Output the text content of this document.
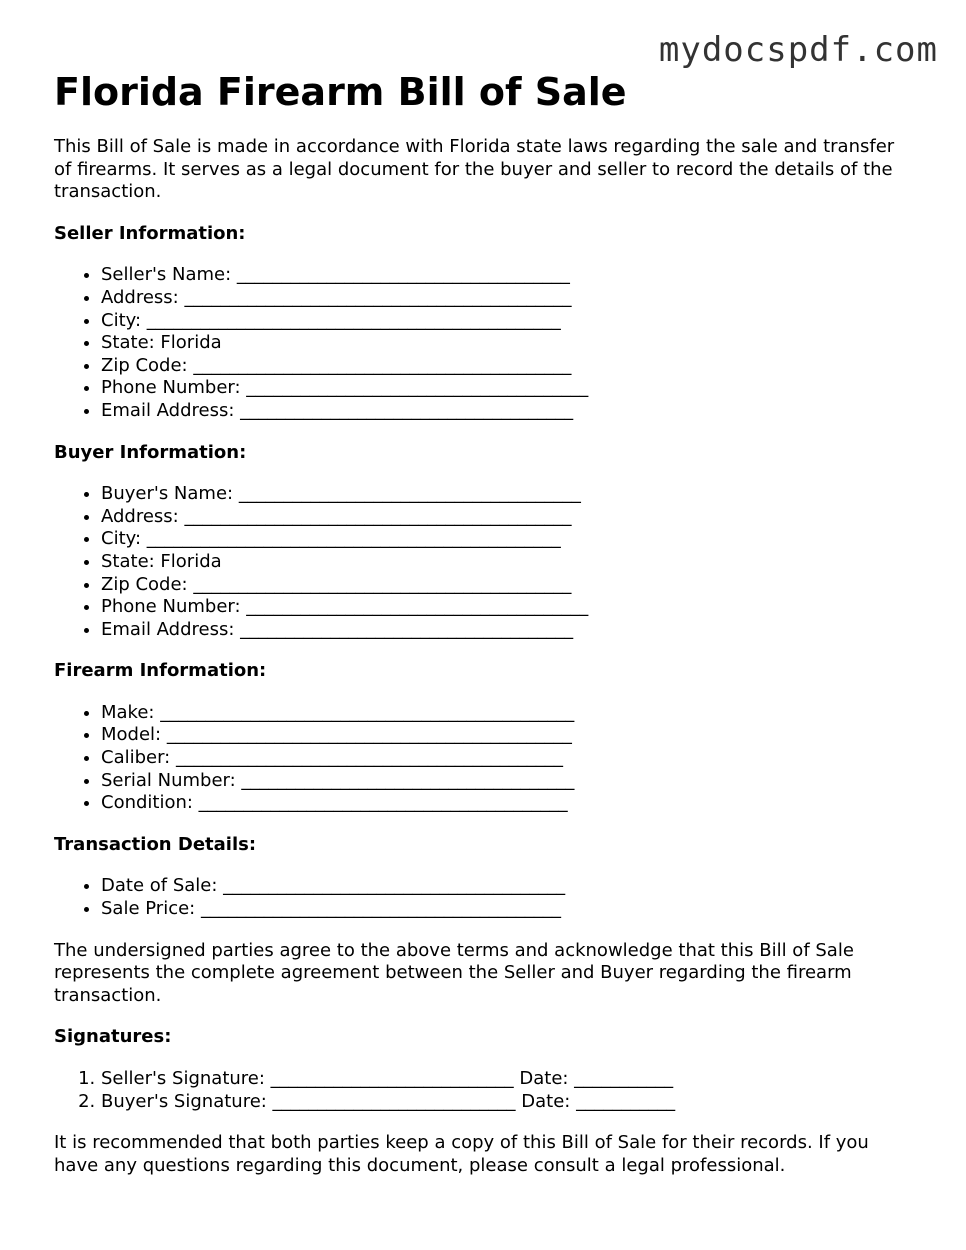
mydocspdf.com
Florida Firearm Bill of Sale

This Bill of Sale is made in accordance with Florida state laws regarding the sale and transfer of firearms. It serves as a legal document for the buyer and seller to record the details of the transaction.

Seller Information:
• Seller's Name: _____________________________________
• Address: ___________________________________________
• City: ______________________________________________
• State: Florida
• Zip Code: __________________________________________
• Phone Number: ______________________________________
• Email Address: _____________________________________
Buyer Information:
• Buyer's Name: ______________________________________
• Address: ___________________________________________
• City: ______________________________________________
• State: Florida
• Zip Code: __________________________________________
• Phone Number: ______________________________________
• Email Address: _____________________________________
Firearm Information:
• Make: ______________________________________________
• Model: _____________________________________________
• Caliber: ___________________________________________
• Serial Number: _____________________________________
• Condition: _________________________________________
Transaction Details:
• Date of Sale: ______________________________________
• Sale Price: ________________________________________

The undersigned parties agree to the above terms and acknowledge that this Bill of Sale represents the complete agreement between the Seller and Buyer regarding the firearm transaction.

Signatures:
1. Seller's Signature: ___________________________ Date: ___________
2. Buyer's Signature: ___________________________ Date: ___________

It is recommended that both parties keep a copy of this Bill of Sale for their records. If you have any questions regarding this document, please consult a legal professional.
